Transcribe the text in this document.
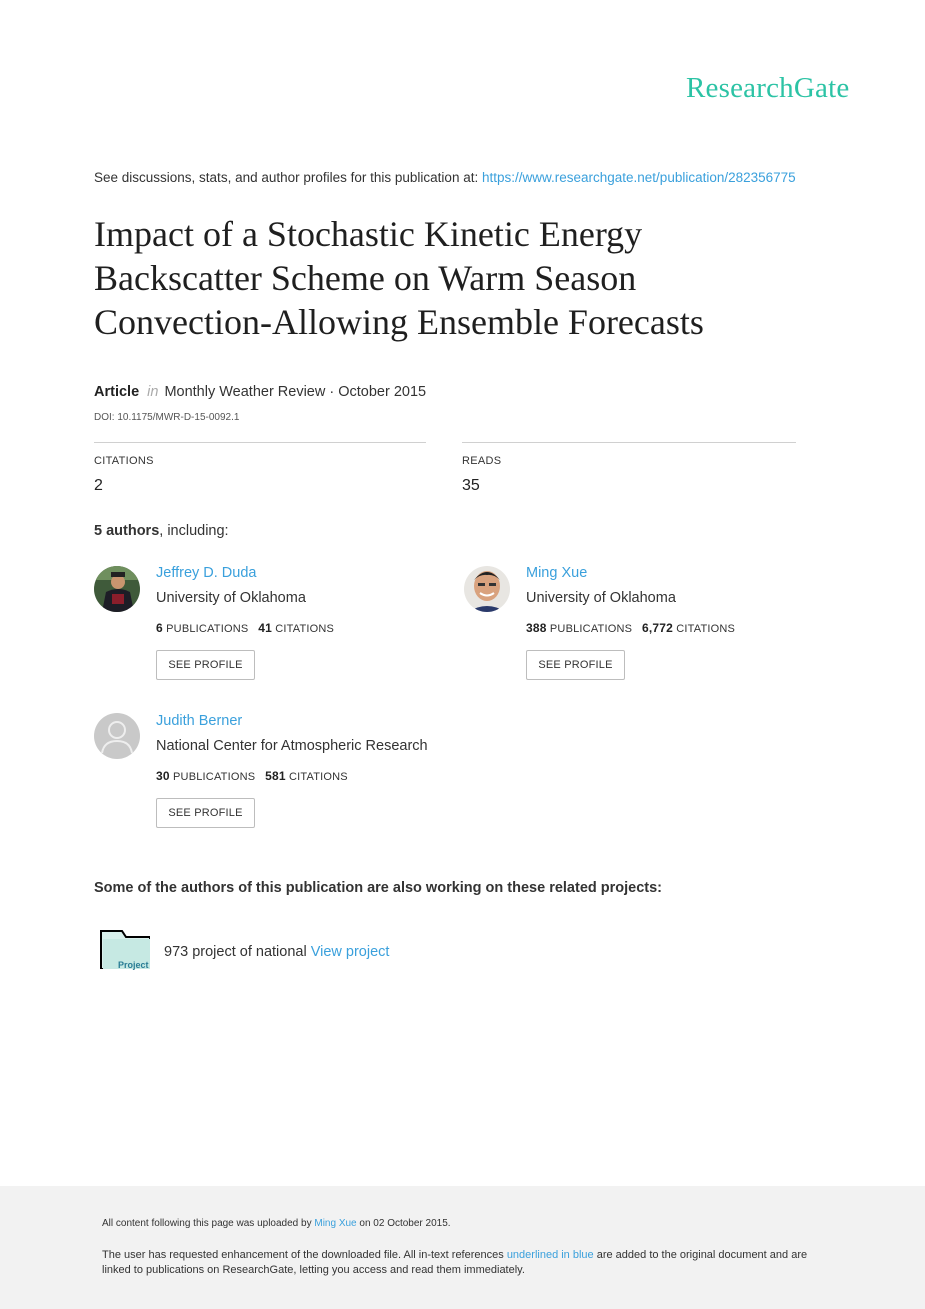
ResearchGate
See discussions, stats, and author profiles for this publication at: https://www.researchgate.net/publication/282356775
Impact of a Stochastic Kinetic Energy
Backscatter Scheme on Warm Season
Convection-Allowing Ensemble Forecasts
Article in Monthly Weather Review · October 2015
DOI: 10.1175/MWR-D-15-0092.1
CITATIONS
2
READS
35
5 authors, including:
Jeffrey D. Duda
University of Oklahoma
6 PUBLICATIONS 41 CITATIONS
SEE PROFILE
Ming Xue
University of Oklahoma
388 PUBLICATIONS 6,772 CITATIONS
SEE PROFILE
Judith Berner
National Center for Atmospheric Research
30 PUBLICATIONS 581 CITATIONS
SEE PROFILE
Some of the authors of this publication are also working on these related projects:
Project
973 project of national View project
All content following this page was uploaded by Ming Xue on 02 October 2015.
The user has requested enhancement of the downloaded file. All in-text references underlined in blue are added to the original document and are linked to publications on ResearchGate, letting you access and read them immediately.
